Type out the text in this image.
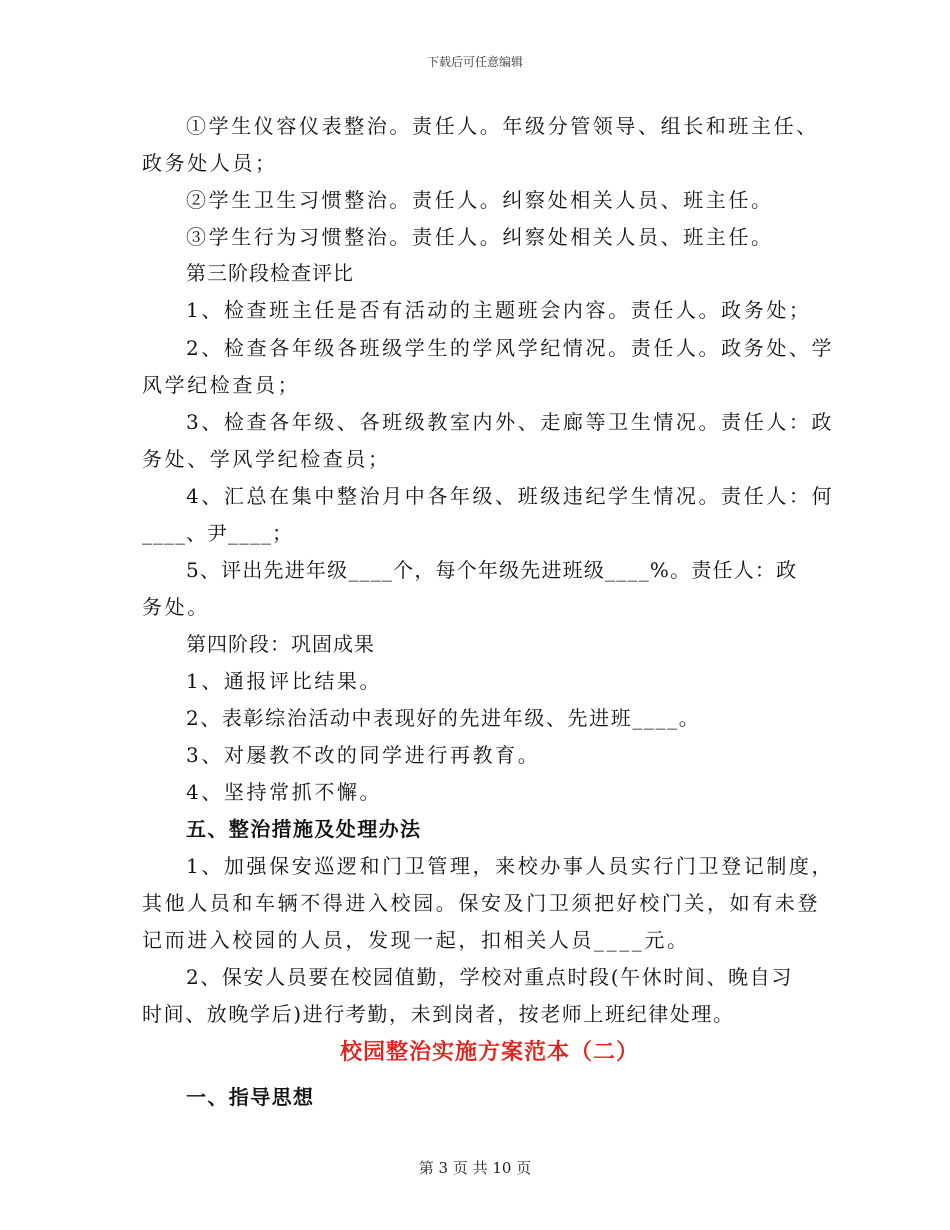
下载后可任意编辑
①学生仪容仪表整治。责任人。年级分管领导、组长和班主任、
政务处人员；
②学生卫生习惯整治。责任人。纠察处相关人员、班主任。
③学生行为习惯整治。责任人。纠察处相关人员、班主任。
第三阶段检查评比
1、检查班主任是否有活动的主题班会内容。责任人。政务处；
2、检查各年级各班级学生的学风学纪情况。责任人。政务处、学
风学纪检查员；
3、检查各年级、各班级教室内外、走廊等卫生情况。责任人：政
务处、学风学纪检查员；
4、汇总在集中整治月中各年级、班级违纪学生情况。责任人：何
____、尹____；
5、评出先进年级____个，每个年级先进班级____%。责任人：政
务处。
第四阶段：巩固成果
1、通报评比结果。
2、表彰综治活动中表现好的先进年级、先进班____。
3、对屡教不改的同学进行再教育。
4、坚持常抓不懈。
五、整治措施及处理办法
1、加强保安巡逻和门卫管理，来校办事人员实行门卫登记制度，
其他人员和车辆不得进入校园。保安及门卫须把好校门关，如有未登
记而进入校园的人员，发现一起，扣相关人员____元。
2、保安人员要在校园值勤，学校对重点时段(午休时间、晚自习
时间、放晚学后)进行考勤，未到岗者，按老师上班纪律处理。
校园整治实施方案范本（二）
一、指导思想
第 3 页 共 10 页
